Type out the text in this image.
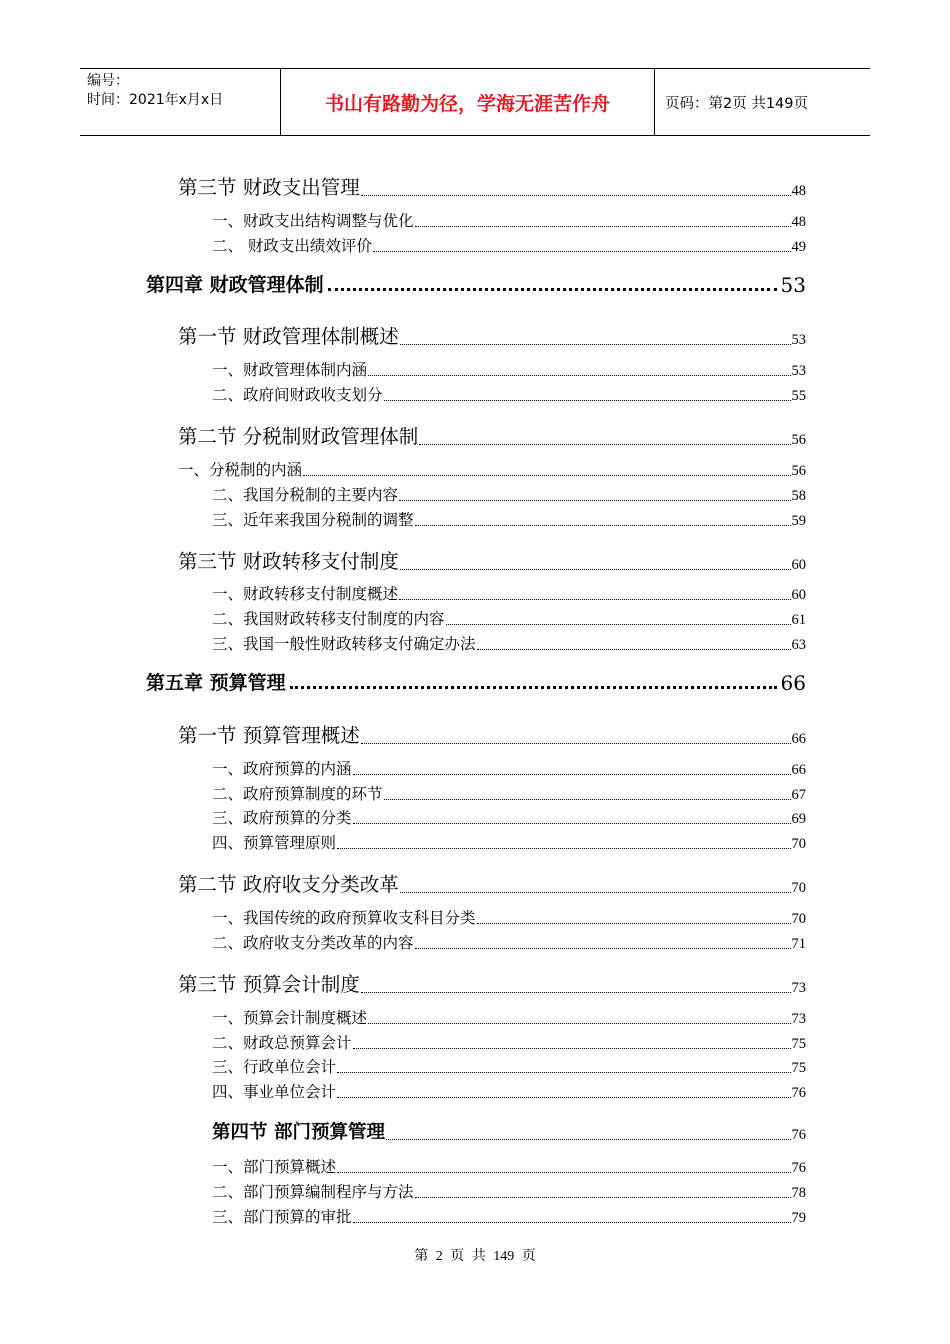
编号：
时间：2021年x月x日	书山有路勤为径，学海无涯苦作舟	页码：第2页 共149页
第三节 财政支出管理	48
一、财政支出结构调整与优化	48
二、 财政支出绩效评价	49
第四章 财政管理体制	53
第一节 财政管理体制概述	53
一、财政管理体制内涵	53
二、政府间财政收支划分	55
第二节 分税制财政管理体制	56
一、分税制的内涵	56
二、我国分税制的主要内容	58
三、近年来我国分税制的调整	59
第三节 财政转移支付制度	60
一、财政转移支付制度概述	60
二、我国财政转移支付制度的内容	61
三、我国一般性财政转移支付确定办法	63
第五章 预算管理	66
第一节 预算管理概述	66
一、政府预算的内涵	66
二、政府预算制度的环节	67
三、政府预算的分类	69
四、预算管理原则	70
第二节 政府收支分类改革	70
一、我国传统的政府预算收支科目分类	70
二、政府收支分类改革的内容	71
第三节 预算会计制度	73
一、预算会计制度概述	73
二、财政总预算会计	75
三、行政单位会计	75
四、事业单位会计	76
第四节 部门预算管理	76
一、部门预算概述	76
二、部门预算编制程序与方法	78
三、部门预算的审批	79
第 2 页 共 149 页
